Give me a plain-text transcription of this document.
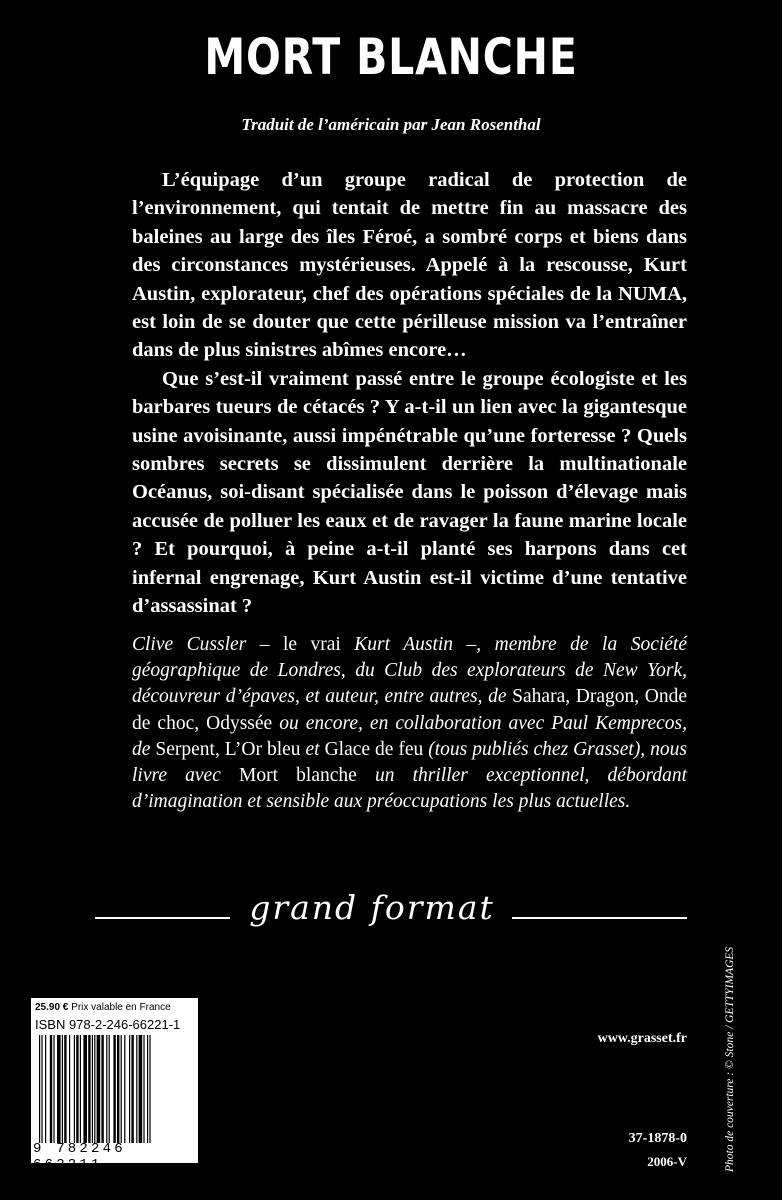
MORT BLANCHE
Traduit de l’américain par Jean Rosenthal

L’équipage d’un groupe radical de protection de l’environnement, qui tentait de mettre fin au massacre des baleines au large des îles Féroé, a sombré corps et biens dans des circonstances mystérieuses. Appelé à la rescousse, Kurt Austin, explorateur, chef des opérations spéciales de la NUMA, est loin de se douter que cette périlleuse mission va l’entraîner dans de plus sinistres abîmes encore…

Que s’est-il vraiment passé entre le groupe écologiste et les barbares tueurs de cétacés ? Y a-t-il un lien avec la gigantesque usine avoisinante, aussi impénétrable qu’une forteresse ? Quels sombres secrets se dissimulent derrière la multinationale Océanus, soi-disant spécialisée dans le poisson d’élevage mais accusée de polluer les eaux et de ravager la faune marine locale ? Et pourquoi, à peine a-t-il planté ses harpons dans cet infernal engrenage, Kurt Austin est-il victime d’une tentative d’assassinat ?

Clive Cussler – le vrai Kurt Austin –, membre de la Société géographique de Londres, du Club des explorateurs de New York, découvreur d’épaves, et auteur, entre autres, de Sahara, Dragon, Onde de choc, Odyssée ou encore, en collaboration avec Paul Kemprecos, de Serpent, L’Or bleu et Glace de feu (tous publiés chez Grasset), nous livre avec Mort blanche un thriller exceptionnel, débordant d’imagination et sensible aux préoccupations les plus actuelles.
grand format
25.90 € Prix valable en France
ISBN 978-2-246-66221-1
9 782246 662211
www.grasset.fr
37-1878-0
2006-V	Photo de couverture : © Stone / GETTYIMAGES
